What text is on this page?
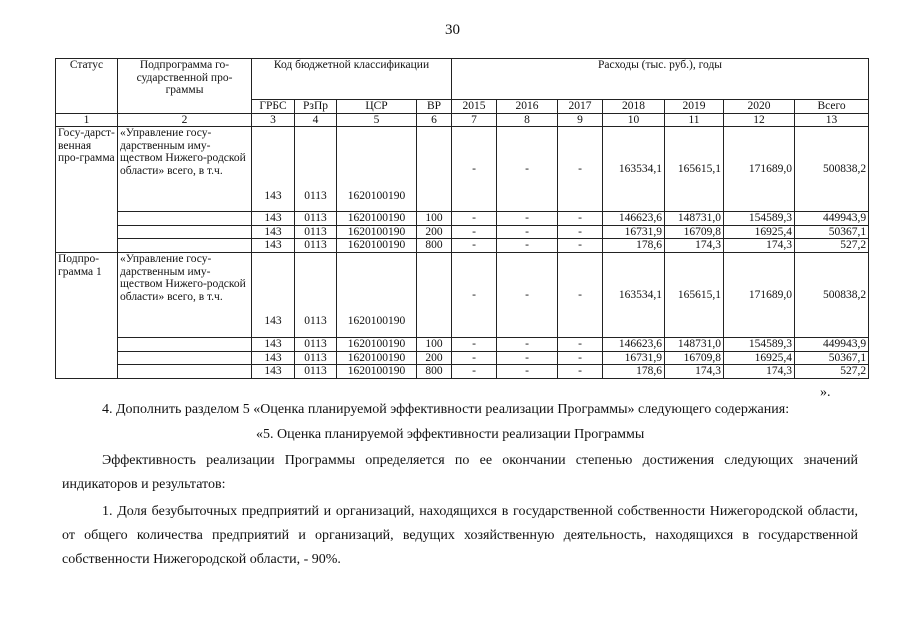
30
Статус	Подпрограмма го-сударственной про-граммы	Код бюджетной классификации				Расходы (тыс. руб.), годы						
		ГРБС	РзПр	ЦСР	ВР	2015	2016	2017	2018	2019	2020	Всего
1	2	3	4	5	6	7	8	9	10	11	12	13
Госу-дарст-венная про-грамма	«Управление госу-дарственным иму-ществом Нижего-родской области» всего, в т.ч.	143	0113	1620100190		-	-	-	163534,1	165615,1	171689,0	500838,2
		143	0113	1620100190	100	-	-	-	146623,6	148731,0	154589,3	449943,9
		143	0113	1620100190	200	-	-	-	16731,9	16709,8	16925,4	50367,1
		143	0113	1620100190	800	-	-	-	178,6	174,3	174,3	527,2
Подпро-грамма 1	«Управление госу-дарственным иму-ществом Нижего-родской области» всего, в т.ч.	143	0113	1620100190		-	-	-	163534,1	165615,1	171689,0	500838,2
		143	0113	1620100190	100	-	-	-	146623,6	148731,0	154589,3	449943,9
		143	0113	1620100190	200	-	-	-	16731,9	16709,8	16925,4	50367,1
		143	0113	1620100190	800	-	-	-	178,6	174,3	174,3	527,2
».
4. Дополнить разделом 5 «Оценка планируемой эффективности реализации Программы» следующего содержания:
«5. Оценка планируемой эффективности реализации Программы
Эффективность реализации Программы определяется по ее окончании степенью достижения следующих значений индикаторов и результатов:
1. Доля безубыточных предприятий и организаций, находящихся в государственной собственности Нижегородской области, от общего количества предприятий и организаций, ведущих хозяйственную деятельность, находящихся в государственной собственности Нижегородской области, - 90%.
